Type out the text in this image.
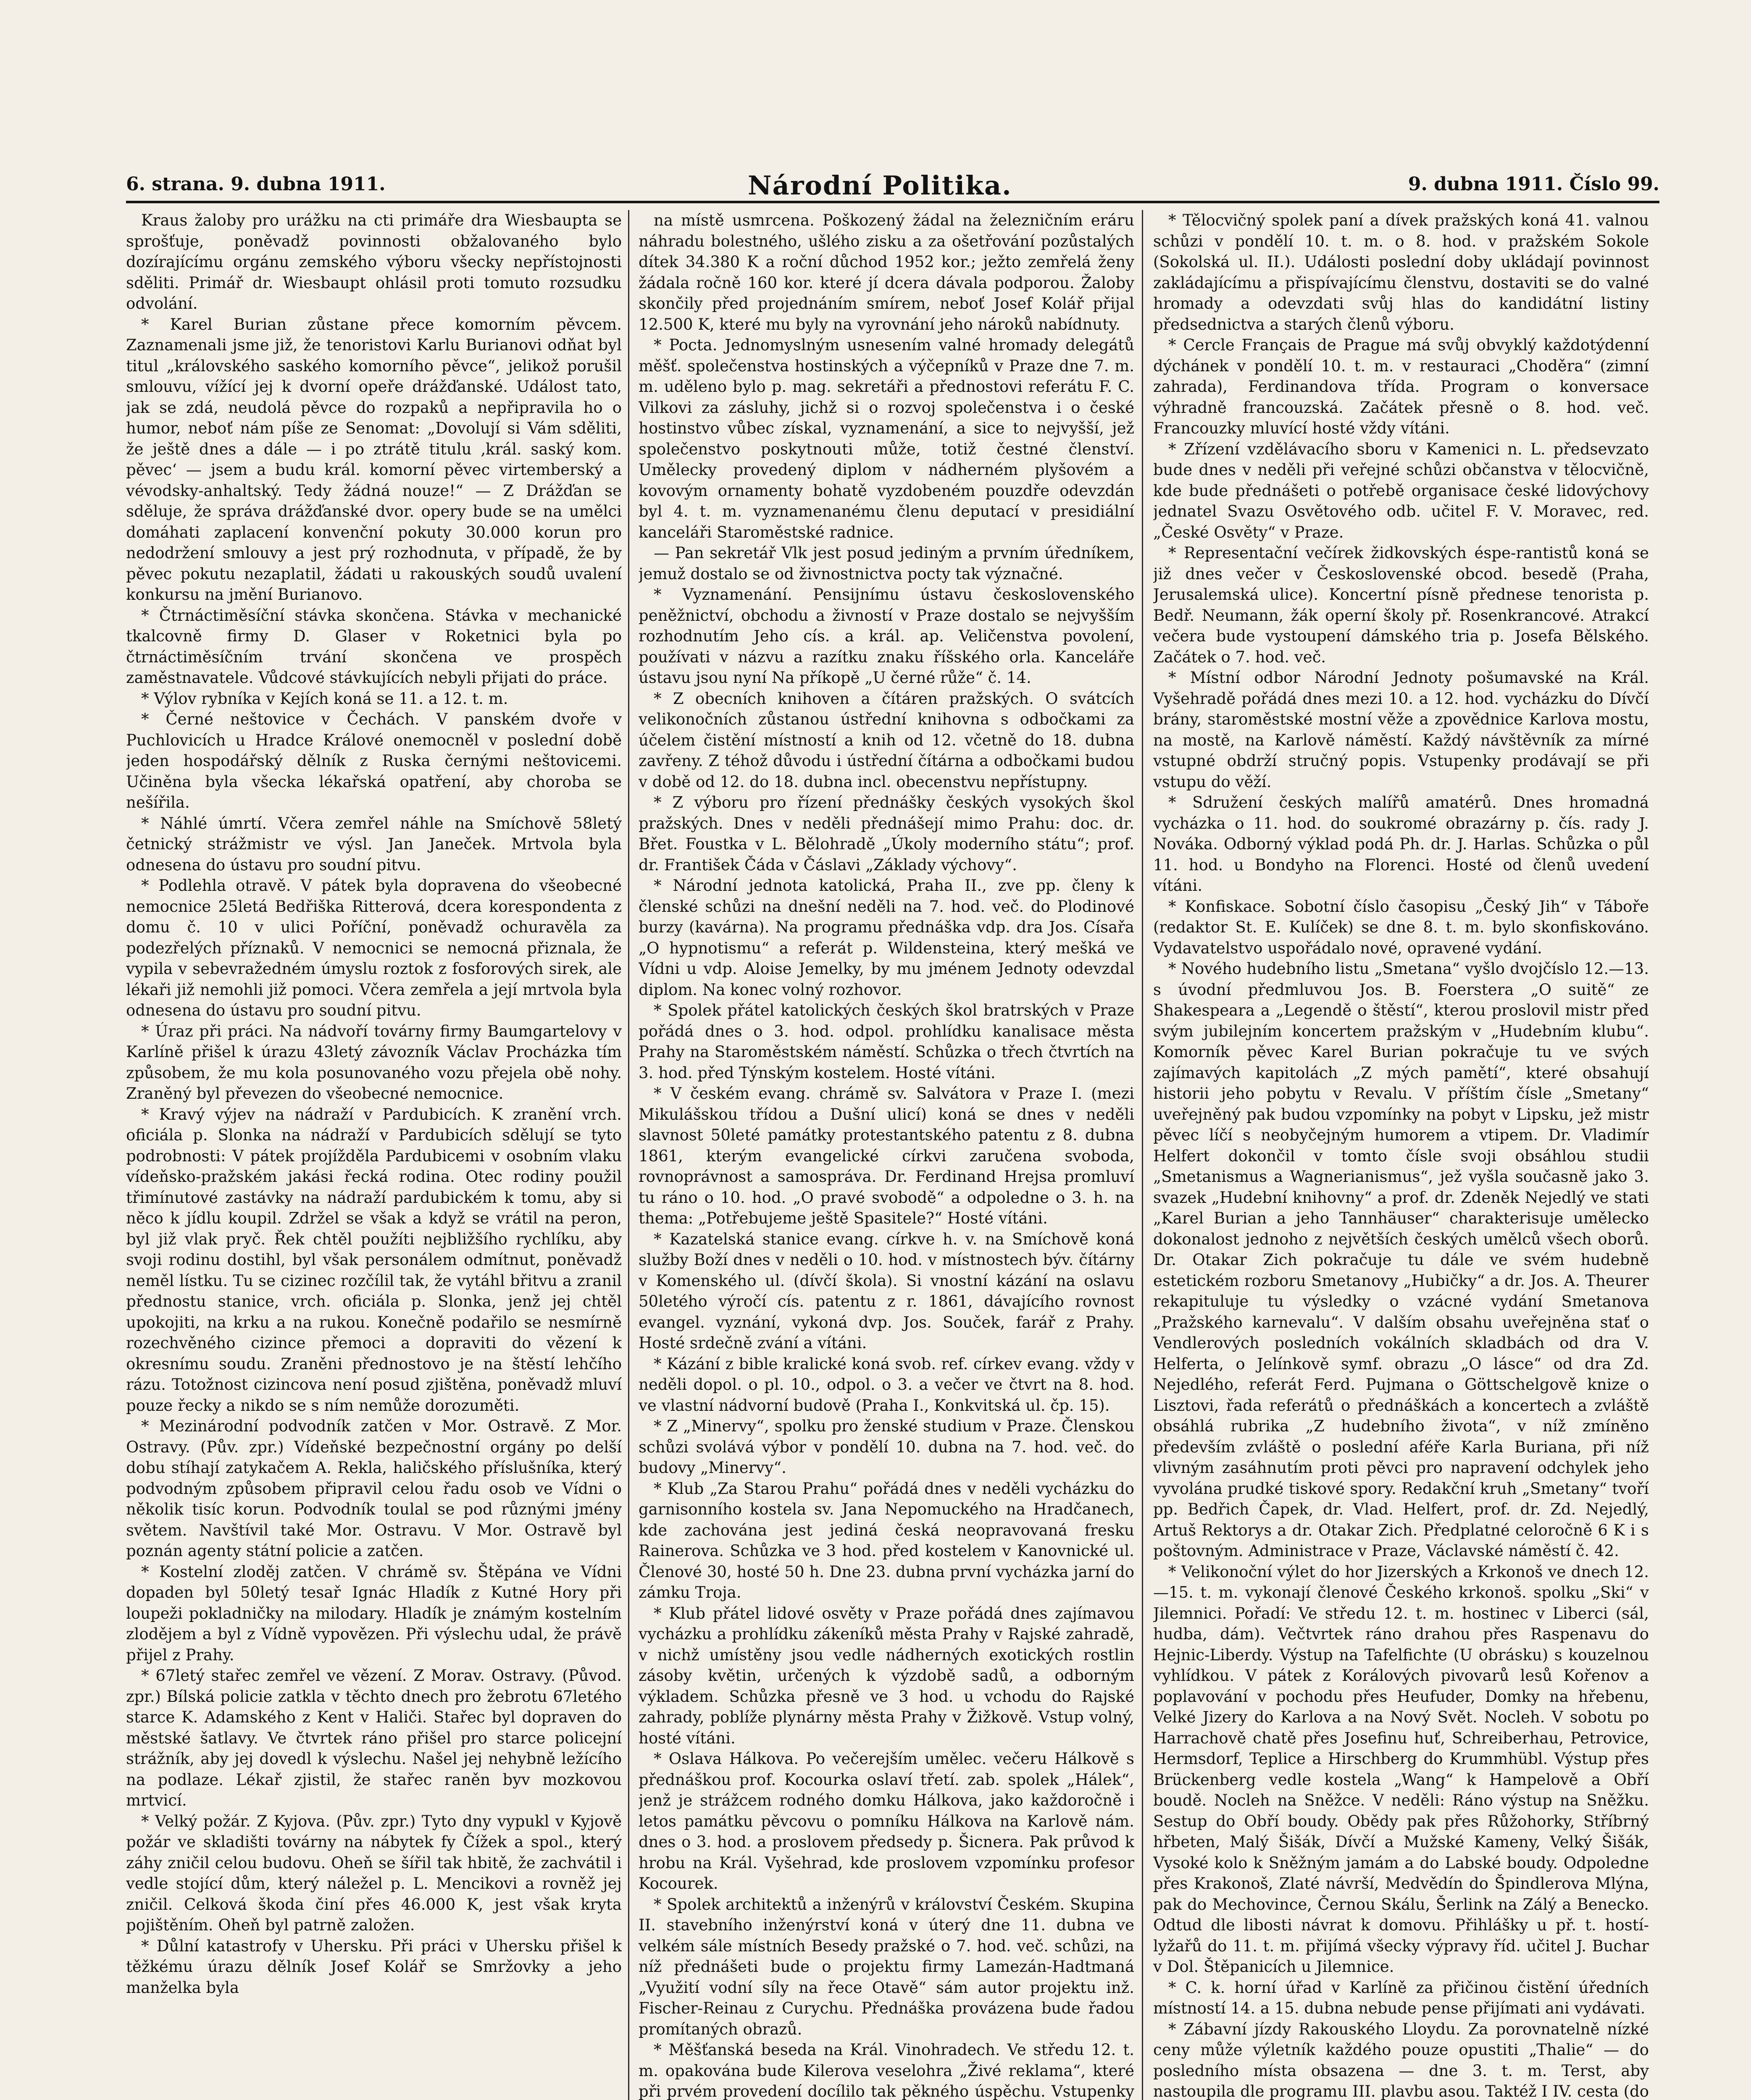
6. strana. 9. dubna 1911.	Národní Politika.	9. dubna 1911. Číslo 99.

Kraus žaloby pro urážku na cti primáře dra Wiesbaupta se sprošťuje, poněvadž povinnosti obžalovaného bylo dozírajícímu orgánu zemského výboru všecky nepřístojnosti sděliti. Primář dr. Wiesbaupt ohlásil proti tomuto rozsudku odvolání.

* Karel Burian zůstane přece komorním pěvcem. Zaznamenali jsme již, že tenoristovi Karlu Burianovi odňat byl titul „královského saského komorního pěvce“, jelikož porušil smlouvu, vížící jej k dvorní opeře drážďanské. Událost tato, jak se zdá, neudolá pěvce do rozpaků a nepřipravila ho o humor, neboť nám píše ze Senomat: „Dovolují si Vám sděliti, že ještě dnes a dále — i po ztrátě titulu ‚král. saský kom. pěvec‘ — jsem a budu král. komorní pěvec virtemberský a vévodsky-anhaltský. Tedy žádná nouze!“ — Z Drážďan se sděluje, že správa drážďanské dvor. opery bude se na umělci domáhati zaplacení konvenční pokuty 30.000 korun pro nedodržení smlouvy a jest prý rozhodnuta, v případě, že by pěvec pokutu nezaplatil, žádati u rakouských soudů uvalení konkursu na jmění Burianovo.

* Čtrnáctiměsíční stávka skončena. Stávka v mechanické tkalcovně firmy D. Glaser v Roketnici byla po čtrnáctiměsíčním trvání skončena ve prospěch zaměstnavatele. Vůdcové stávkujících nebyli přijati do práce.

* Výlov rybníka v Kejích koná se 11. a 12. t. m.

* Černé neštovice v Čechách. V panském dvoře v Puchlovicích u Hradce Králové onemocněl v poslední době jeden hospodářský dělník z Ruska černými neštovicemi. Učiněna byla všecka lékařská opatření, aby choroba se nešířila.

* Náhlé úmrtí. Včera zemřel náhle na Smíchově 58letý četnický strážmistr ve výsl. Jan Janeček. Mrtvola byla odnesena do ústavu pro soudní pitvu.

* Podlehla otravě. V pátek byla dopravena do všeobecné nemocnice 25letá Bedřiška Ritterová, dcera korespondenta z domu č. 10 v ulici Poříční, poněvadž ochuravěla za podezřelých příznaků. V nemocnici se nemocná přiznala, že vypila v sebevražedném úmyslu roztok z fosforových sirek, ale lékaři již nemohli již pomoci. Včera zemřela a její mrtvola byla odnesena do ústavu pro soudní pitvu.

* Úraz při práci. Na nádvoří továrny firmy Baumgartelovy v Karlíně přišel k úrazu 43letý závozník Václav Procházka tím způsobem, že mu kola posunovaného vozu přejela obě nohy. Zraněný byl převezen do všeobecné nemocnice.

* Kravý výjev na nádraží v Pardubicích. K zranění vrch. oficiála p. Slonka na nádraží v Pardubicích sdělují se tyto podrobnosti: V pátek projížděla Pardubicemi v osobním vlaku vídeňsko-pražském jakási řecká rodina. Otec rodiny použil třimínutové zastávky na nádraží pardubickém k tomu, aby si něco k jídlu koupil. Zdržel se však a když se vrátil na peron, byl již vlak pryč. Řek chtěl použíti nejbližšího rychlíku, aby svoji rodinu dostihl, byl však personálem odmítnut, poněvadž neměl lístku. Tu se cizinec rozčílil tak, že vytáhl břitvu a zranil přednostu stanice, vrch. oficiála p. Slonka, jenž jej chtěl upokojiti, na krku a na rukou. Konečně podařilo se nesmírně rozechvěného cizince přemoci a dopraviti do vězení k okresnímu soudu. Zraněni přednostovo je na štěstí lehčího rázu. Totožnost cizincova není posud zjištěna, poněvadž mluví pouze řecky a nikdo se s ním nemůže dorozuměti.

* Mezinárodní podvodník zatčen v Mor. Ostravě. Z Mor. Ostravy. (Pův. zpr.) Vídeňské bezpečnostní orgány po delší dobu stíhají zatykačem A. Rekla, haličského příslušníka, který podvodným způsobem připravil celou řadu osob ve Vídni o několik tisíc korun. Podvodník toulal se pod různými jmény světem. Navštívil také Mor. Ostravu. V Mor. Ostravě byl poznán agenty státní policie a zatčen.

* Kostelní zloděj zatčen. V chrámě sv. Štěpána ve Vídni dopaden byl 50letý tesař Ignác Hladík z Kutné Hory při loupeži pokladničky na milodary. Hladík je známým kostelním zlodějem a byl z Vídně vypovězen. Při výslechu udal, že právě přijel z Prahy.

* 67letý stařec zemřel ve vězení. Z Morav. Ostravy. (Původ. zpr.) Bílská policie zatkla v těchto dnech pro žebrotu 67letého starce K. Adamského z Kent v Haliči. Stařec byl dopraven do městské šatlavy. Ve čtvrtek ráno přišel pro starce policejní strážník, aby jej dovedl k výslechu. Našel jej nehybně ležícího na podlaze. Lékař zjistil, že stařec raněn byv mozkovou mrtvicí.

* Velký požár. Z Kyjova. (Pův. zpr.) Tyto dny vypukl v Kyjově požár ve skladišti továrny na nábytek fy Čížek a spol., který záhy zničil celou budovu. Oheň se šířil tak hbitě, že zachvátil i vedle stojící dům, který náležel p. L. Mencikovi a rovněž jej zničil. Celková škoda činí přes 46.000 K, jest však kryta pojištěním. Oheň byl patrně založen.

* Důlní katastrofy v Uhersku. Při práci v Uhersku přišel k těžkému úrazu dělník Josef Kolář se Smržovky a jeho manželka byla

na místě usmrcena. Poškozený žádal na železničním eráru náhradu bolestného, ušlého zisku a za ošetřování pozůstalých dítek 34.380 K a roční důchod 1952 kor.; ježto zemřelá ženy žádala ročně 160 kor. které jí dcera dávala podporou. Žaloby skončily před projednáním smírem, neboť Josef Kolář přijal 12.500 K, které mu byly na vyrovnání jeho nároků nabídnuty.

* Pocta. Jednomyslným usnesením valné hromady delegátů měšť. společenstva hostinských a výčepníků v Praze dne 7. m. m. uděleno bylo p. mag. sekretáři a přednostovi referátu F. C. Vilkovi za zásluhy, jichž si o rozvoj společenstva i o české hostinstvo vůbec získal, vyznamenání, a sice to nejvyšší, jež společenstvo poskytnouti může, totiž čestné členství. Umělecky provedený diplom v nádherném plyšovém a kovovým ornamenty bohatě vyzdobeném pouzdře odevzdán byl 4. t. m. vyznamenanému členu deputací v presidiální kanceláři Staroměstské radnice.

— Pan sekretář Vlk jest posud jediným a prvním úředníkem, jemuž dostalo se od živnostnictva pocty tak význačné.

* Vyznamenání. Pensijnímu ústavu československého peněžnictví, obchodu a živností v Praze dostalo se nejvyšším rozhodnutím Jeho cís. a král. ap. Veličenstva povolení, používati v názvu a razítku znaku říšského orla. Kanceláře ústavu jsou nyní Na příkopě „U černé růže“ č. 14.

* Z obecních knihoven a čítáren pražských. O svátcích velikonočních zůstanou ústřední knihovna s odbočkami za účelem čistění místností a knih od 12. včetně do 18. dubna zavřeny. Z téhož důvodu i ústřední čítárna a odbočkami budou v době od 12. do 18. dubna incl. obecenstvu nepřístupny.

* Z výboru pro řízení přednášky českých vysokých škol pražských. Dnes v neděli přednášejí mimo Prahu: doc. dr. Břet. Foustka v L. Bělohradě „Úkoly moderního státu“; prof. dr. František Čáda v Čáslavi „Základy výchovy“.

* Národní jednota katolická, Praha II., zve pp. členy k členské schůzi na dnešní neděli na 7. hod. več. do Plodinové burzy (kavárna). Na programu přednáška vdp. dra Jos. Císařa „O hypnotismu“ a referát p. Wildensteina, který mešká ve Vídni u vdp. Aloise Jemelky, by mu jménem Jednoty odevzdal diplom. Na konec volný rozhovor.

* Spolek přátel katolických českých škol bratrských v Praze pořádá dnes o 3. hod. odpol. prohlídku kanalisace města Prahy na Staroměstském náměstí. Schůzka o třech čtvrtích na 3. hod. před Týnským kostelem. Hosté vítáni.

* V českém evang. chrámě sv. Salvátora v Praze I. (mezi Mikulášskou třídou a Dušní ulicí) koná se dnes v neděli slavnost 50leté památky protestantského patentu z 8. dubna 1861, kterým evangelické církvi zaručena svoboda, rovnoprávnost a samospráva. Dr. Ferdinand Hrejsa promluví tu ráno o 10. hod. „O pravé svobodě“ a odpoledne o 3. h. na thema: „Potřebujeme ještě Spasitele?“ Hosté vítáni.

* Kazatelská stanice evang. církve h. v. na Smíchově koná služby Boží dnes v neděli o 10. hod. v místnostech býv. čítárny v Komenského ul. (dívčí škola). Si vnostní kázání na oslavu 50letého výročí cís. patentu z r. 1861, dávajícího rovnost evangel. vyznání, vykoná dvp. Jos. Souček, farář z Prahy. Hosté srdečně zvání a vítáni.

* Kázání z bible kralické koná svob. ref. církev evang. vždy v neděli dopol. o pl. 10., odpol. o 3. a večer ve čtvrt na 8. hod. ve vlastní nádvorní budově (Praha I., Konkvitská ul. čp. 15).

* Z „Minervy“, spolku pro ženské studium v Praze. Členskou schůzi svolává výbor v pondělí 10. dubna na 7. hod. več. do budovy „Minervy“.

* Klub „Za Starou Prahu“ pořádá dnes v neděli vycházku do garnisonního kostela sv. Jana Nepomuckého na Hradčanech, kde zachována jest jediná česká neopravovaná fresku Rainerova. Schůzka ve 3 hod. před kostelem v Kanovnické ul. Členové 30, hosté 50 h. Dne 23. dubna první vycházka jarní do zámku Troja.

* Klub přátel lidové osvěty v Praze pořádá dnes zajímavou vycházku a prohlídku zákeníků města Prahy v Rajské zahradě, v nichž umístěny jsou vedle nádherných exotických rostlin zásoby květin, určených k výzdobě sadů, a odborným výkladem. Schůzka přesně ve 3 hod. u vchodu do Rajské zahrady, poblíže plynárny města Prahy v Žižkově. Vstup volný, hosté vítáni.

* Oslava Hálkova. Po večerejším umělec. večeru Hálkově s přednáškou prof. Kocourka oslaví třetí. zab. spolek „Hálek“, jenž je strážcem rodného domku Hálkova, jako každoročně i letos památku pěvcovu o pomníku Hálkova na Karlově nám. dnes o 3. hod. a proslovem předsedy p. Šicnera. Pak průvod k hrobu na Král. Vyšehrad, kde proslovem vzpomínku profesor Kocourek.

* Spolek architektů a inženýrů v království Českém. Skupina II. stavebního inženýrství koná v úterý dne 11. dubna ve velkém sále místních Besedy pražské o 7. hod. več. schůzi, na níž přednášeti bude o projektu firmy Lamezán-Hadtmaná „Využití vodní síly na řece Otavě“ sám autor projektu inž. Fischer-Reinau z Curychu. Přednáška provázena bude řadou promítaných obrazů.

* Měšťanská beseda na Král. Vinohradech. Ve středu 12. t. m. opakována bude Kilerova veselohra „Živé reklama“, které při prvém provedení docílilo tak pěkného úspěchu. Vstupenky

* Tělocvičný spolek paní a dívek pražských koná 41. valnou schůzi v pondělí 10. t. m. o 8. hod. v pražském Sokole (Sokolská ul. II.). Události poslední doby ukládají povinnost zakládajícímu a přispívajícímu členstvu, dostaviti se do valné hromady a odevzdati svůj hlas do kandidátní listiny předsednictva a starých členů výboru.

* Cercle Français de Prague má svůj obvyklý každotýdenní dýchánek v pondělí 10. t. m. v restauraci „Choděra“ (zimní zahrada), Ferdinandova třída. Program o konversace výhradně francouzská. Začátek přesně o 8. hod. več. Francouzky mluvící hosté vždy vítáni.

* Zřízení vzdělávacího sboru v Kamenici n. L. předsevzato bude dnes v neděli při veřejné schůzi občanstva v tělocvičně, kde bude přednášeti o potřebě organisace české lidovýchovy jednatel Svazu Osvětového odb. učitel F. V. Moravec, red. „České Osvěty“ v Praze.

* Representační večírek židkovských éspe-rantistů koná se již dnes večer v Československé obcod. besedě (Praha, Jerusalemská ulice). Koncertní písně přednese tenorista p. Bedř. Neumann, žák operní školy př. Rosenkrancové. Atrakcí večera bude vystoupení dámského tria p. Josefa Bělského. Začátek o 7. hod. več.

* Místní odbor Národní Jednoty pošumavské na Král. Vyšehradě pořádá dnes mezi 10. a 12. hod. vycházku do Dívčí brány, staroměstské mostní věže a zpovědnice Karlova mostu, na mostě, na Karlově náměstí. Každý návštěvník za mírné vstupné obdrží stručný popis. Vstupenky prodávají se při vstupu do věží.

* Sdružení českých malířů amatérů. Dnes hromadná vycházka o 11. hod. do soukromé obrazárny p. čís. rady J. Nováka. Odborný výklad podá Ph. dr. J. Harlas. Schůzka o půl 11. hod. u Bondyho na Florenci. Hosté od členů uvedení vítáni.

* Konfiskace. Sobotní číslo časopisu „Český Jih“ v Táboře (redaktor St. E. Kulíček) se dne 8. t. m. bylo skonfiskováno. Vydavatelstvo uspořádalo nové, opravené vydání.

* Nového hudebního listu „Smetana“ vyšlo dvojčíslo 12.—13. s úvodní předmluvou Jos. B. Foerstera „O suitě“ ze Shakespeara a „Legendě o štěstí“, kterou proslovil mistr před svým jubilejním koncertem pražským v „Hudebním klubu“. Komorník pěvec Karel Burian pokračuje tu ve svých zajímavých kapitolách „Z mých pamětí“, které obsahují historii jeho pobytu v Revalu. V příštím čísle „Smetany“ uveřejněný pak budou vzpomínky na pobyt v Lipsku, jež mistr pěvec líčí s neobyčejným humorem a vtipem. Dr. Vladimír Helfert dokončil v tomto čísle svoji obsáhlou studii „Smetanismus a Wagnerianismus“, jež vyšla současně jako 3. svazek „Hudební knihovny“ a prof. dr. Zdeněk Nejedlý ve stati „Karel Burian a jeho Tannhäuser“ charakterisuje umělecko dokonalost jednoho z největších českých umělců všech oborů. Dr. Otakar Zich pokračuje tu dále ve svém hudebně estetickém rozboru Smetanovy „Hubičky“ a dr. Jos. A. Theurer rekapituluje tu výsledky o vzácné vydání Smetanova „Pražského karnevalu“. V dalším obsahu uveřejněna stať o Vendlerových posledních vokálních skladbách od dra V. Helferta, o Jelínkově symf. obrazu „O lásce“ od dra Zd. Nejedlého, referát Ferd. Pujmana o Göttschelgově knize o Lisztovi, řada referátů o přednáškách a koncertech a zvláště obsáhlá rubrika „Z hudebního života“, v níž zmíněno především zvláště o poslední aféře Karla Buriana, při níž vlivným zasáhnutím proti pěvci pro napravení odchylek jeho vyvolána prudké tiskové spory. Redakční kruh „Smetany“ tvoří pp. Bedřich Čapek, dr. Vlad. Helfert, prof. dr. Zd. Nejedlý, Artuš Rektorys a dr. Otakar Zich. Předplatné celoročně 6 K i s poštovným. Administrace v Praze, Václavské náměstí č. 42.

* Velikonoční výlet do hor Jizerských a Krkonoš ve dnech 12.—15. t. m. vykonají členové Českého krkonoš. spolku „Ski“ v Jilemnici. Pořadí: Ve středu 12. t. m. hostinec v Liberci (sál, hudba, dám). Večtvrtek ráno drahou přes Raspenavu do Hejnic-Liberdy. Výstup na Tafelfichte (U obrásku) s kouzelnou vyhlídkou. V pátek z Korálových pivovarů lesů Kořenov a poplavování v pochodu přes Heufuder, Domky na hřebenu, Velké Jizery do Karlova a na Nový Svět. Nocleh. V sobotu po Harrachově chatě přes Josefinu huť, Schreiberhau, Petrovice, Hermsdorf, Teplice a Hirschberg do Krummhübl. Výstup přes Brückenberg vedle kostela „Wang“ k Hampelově a Obří boudě. Nocleh na Sněžce. V neděli: Ráno výstup na Sněžku. Sestup do Obří boudy. Obědy pak přes Růžohorky, Stříbrný hřbeten, Malý Šišák, Dívčí a Mužské Kameny, Velký Šišák, Vysoké kolo k Sněžným jamám a do Labské boudy. Odpoledne přes Krakonoš, Zlaté návrší, Medvědín do Špindlerova Mlýna, pak do Mechovince, Černou Skálu, Šerlink na Zálý a Benecko. Odtud dle libosti návrat k domovu. Přihlášky u př. t. hostí-lyžařů do 11. t. m. přijímá všecky výpravy říd. učitel J. Buchar v Dol. Štěpanicích u Jilemnice.

* C. k. horní úřad v Karlíně za přičinou čistění úředních místností 14. a 15. dubna nebude pense přijímati ani vydávati.

* Zábavní jízdy Rakouského Lloydu. Za porovnatelně nízké ceny může výletník každého pouze opustiti „Thalie“ — do posledního místa obsazena — dne 3. t. m. Terst, aby nastoupila dle programu III. plavbu asou. Taktéž I IV. cesta (do
